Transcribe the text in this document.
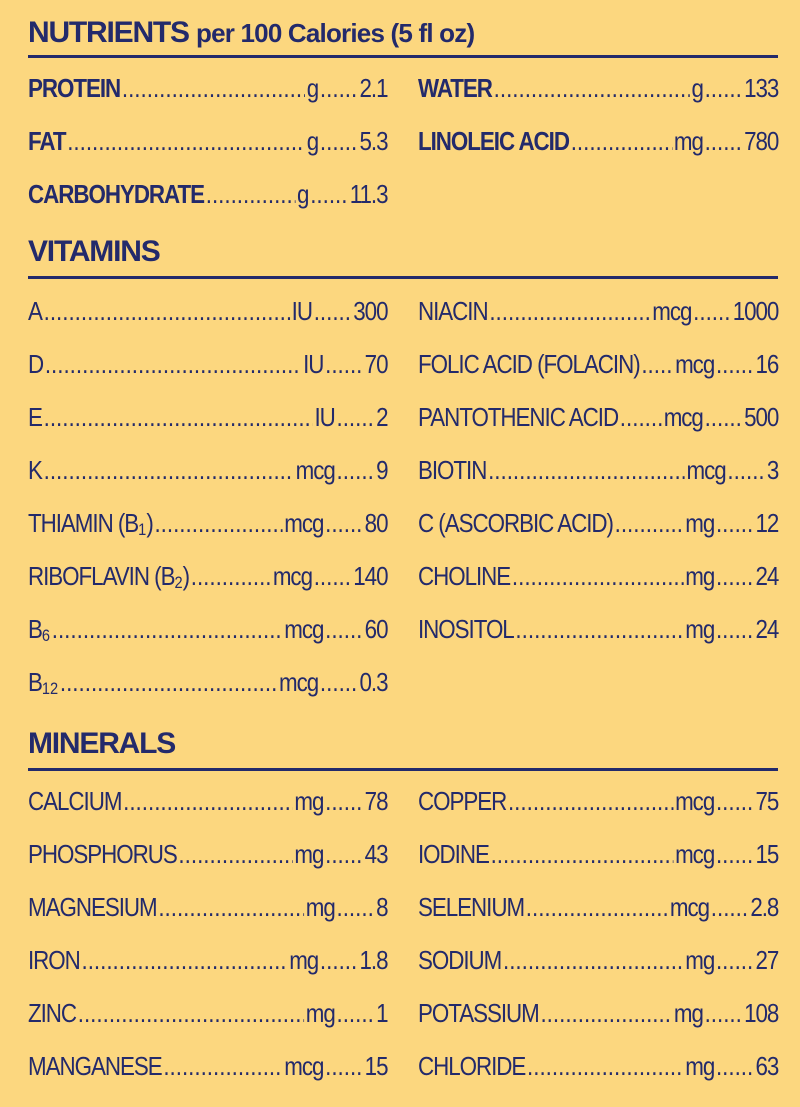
NUTRIENTS per 100 Calories (5 fl oz)
PROTEIN .....	g ..... 2.1
FAT .....	g ..... 5.3
CARBOHYDRATE .....	g ..... 11.3
WATER .....	g ..... 133
LINOLEIC ACID .....	mg ..... 780
VITAMINS
A .....	IU ..... 300
D .....	IU ..... 70
E .....	IU ..... 2
K .....	mcg ..... 9
THIAMIN (B1) .....	mcg ..... 80
RIBOFLAVIN (B2) .....	mcg ..... 140
B6 .....	mcg ..... 60
B12 .....	mcg ..... 0.3
NIACIN .....	mcg ..... 1000
FOLIC ACID (FOLACIN) ..... mcg ..... 16
PANTOTHENIC ACID ..... mcg ..... 500
BIOTIN .....	mcg ..... 3
C (ASCORBIC ACID) .....	mg ..... 12
CHOLINE .....	mg ..... 24
INOSITOL .....	mg ..... 24
MINERALS
CALCIUM .....	mg ..... 78
PHOSPHORUS .....	mg ..... 43
MAGNESIUM .....	mg ..... 8
IRON .....	mg ..... 1.8
ZINC .....	mg ..... 1
MANGANESE .....	mcg ..... 15
COPPER .....	mcg ..... 75
IODINE .....	mcg ..... 15
SELENIUM .....	mcg ..... 2.8
SODIUM .....	mg ..... 27
POTASSIUM .....	mg ..... 108
CHLORIDE .....	mg ..... 63
